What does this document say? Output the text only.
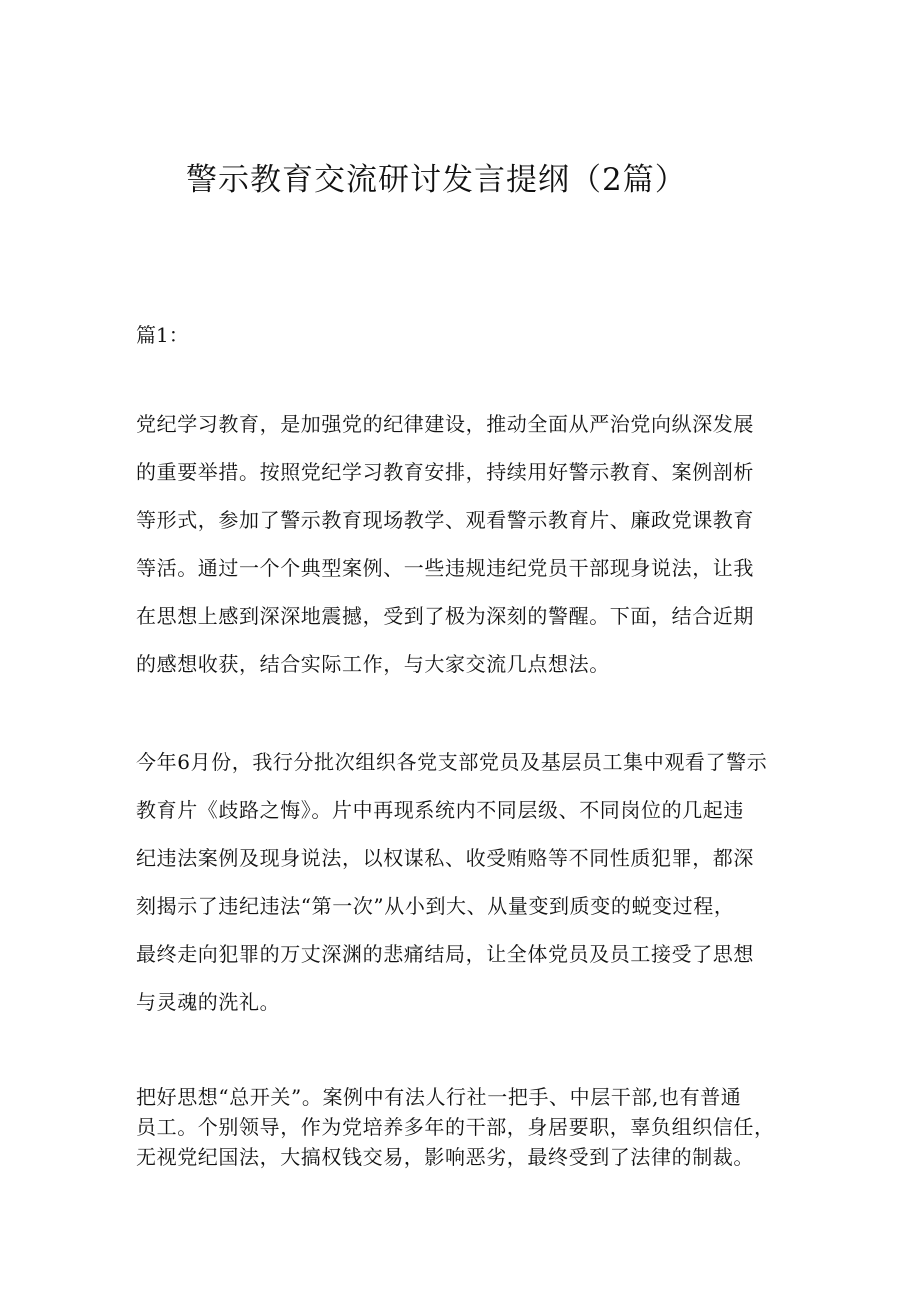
警示教育交流研讨发言提纲（2篇）
篇1：

党纪学习教育，是加强党的纪律建设，推动全面从严治党向纵深发展
的重要举措。按照党纪学习教育安排，持续用好警示教育、案例剖析
等形式，参加了警示教育现场教学、观看警示教育片、廉政党课教育
等活。通过一个个典型案例、一些违规违纪党员干部现身说法，让我
在思想上感到深深地震撼，受到了极为深刻的警醒。下面，结合近期
的感想收获，结合实际工作，与大家交流几点想法。

今年6月份，我行分批次组织各党支部党员及基层员工集中观看了警示
教育片《歧路之悔》。片中再现系统内不同层级、不同岗位的几起违
纪违法案例及现身说法，以权谋私、收受贿赂等不同性质犯罪，都深
刻揭示了违纪违法“第一次”从小到大、从量变到质变的蜕变过程，
最终走向犯罪的万丈深渊的悲痛结局，让全体党员及员工接受了思想
与灵魂的洗礼。

把好思想“总开关”。案例中有法人行社一把手、中层干部,也有普通
员工。个别领导，作为党培养多年的干部，身居要职，辜负组织信任，
无视党纪国法，大搞权钱交易，影响恶劣，最终受到了法律的制裁。
